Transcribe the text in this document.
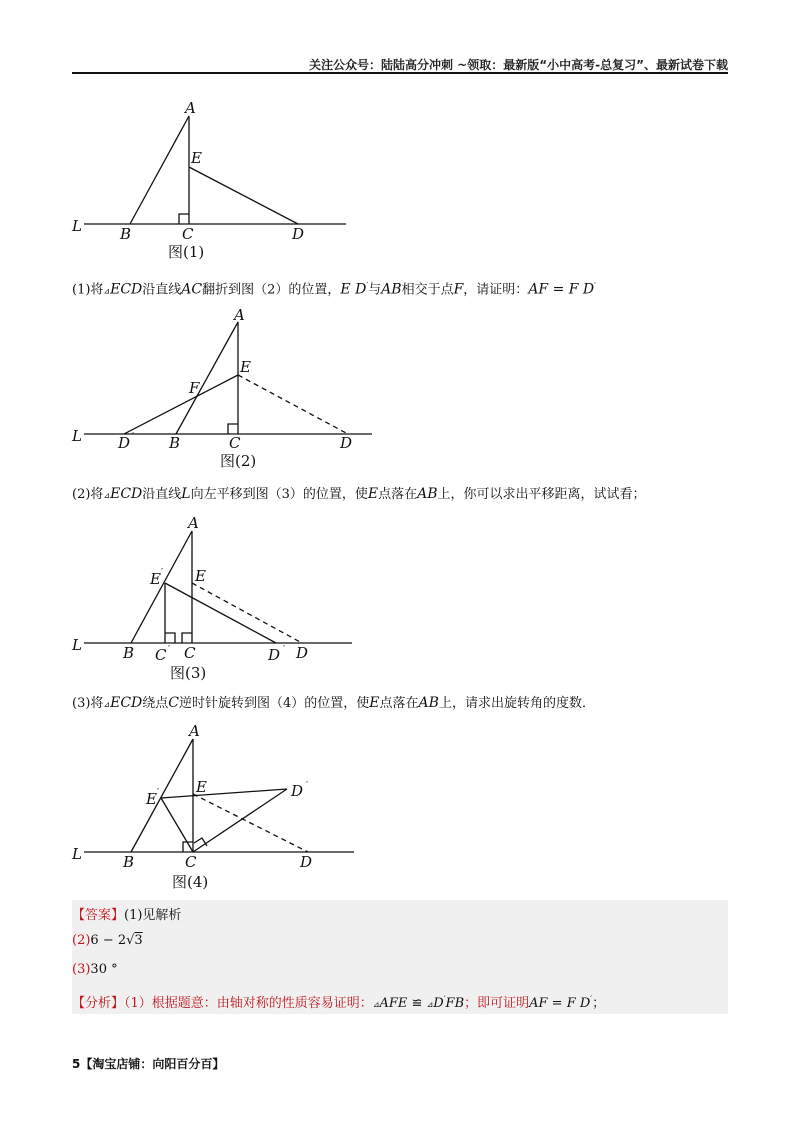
关注公众号：陆陆高分冲刺 ~领取：最新版“小中高考-总复习”、最新试卷下载
A
E
L	B	C	D
图(1)
(1)将⊿ECD沿直线AC翻折到图（2）的位置，E D′与AB相交于点F，请证明：AF = F D′
A
E
F
L D ′ B	C	D
图(2)
(2)将⊿ECD沿直线L向左平移到图（3）的位置，使E点落在AB上，你可以求出平移距离，试试看；
A
E ′ E
L	B C ′ C	D ′ D
图(3)
(3)将⊿ECD绕点C逆时针旋转到图（4）的位置，使E点落在AB上，请求出旋转角的度数．
A
E
E ′	D ′
L	B	C	D
图(4)
【答案】(1)见解析
(2)6 − 2√3
(3)30 °
【分析】（1）根据题意：由轴对称的性质容易证明：⊿AFE ≌ ⊿D′FB；即可证明AF = F D′；
5【淘宝店铺：向阳百分百】
